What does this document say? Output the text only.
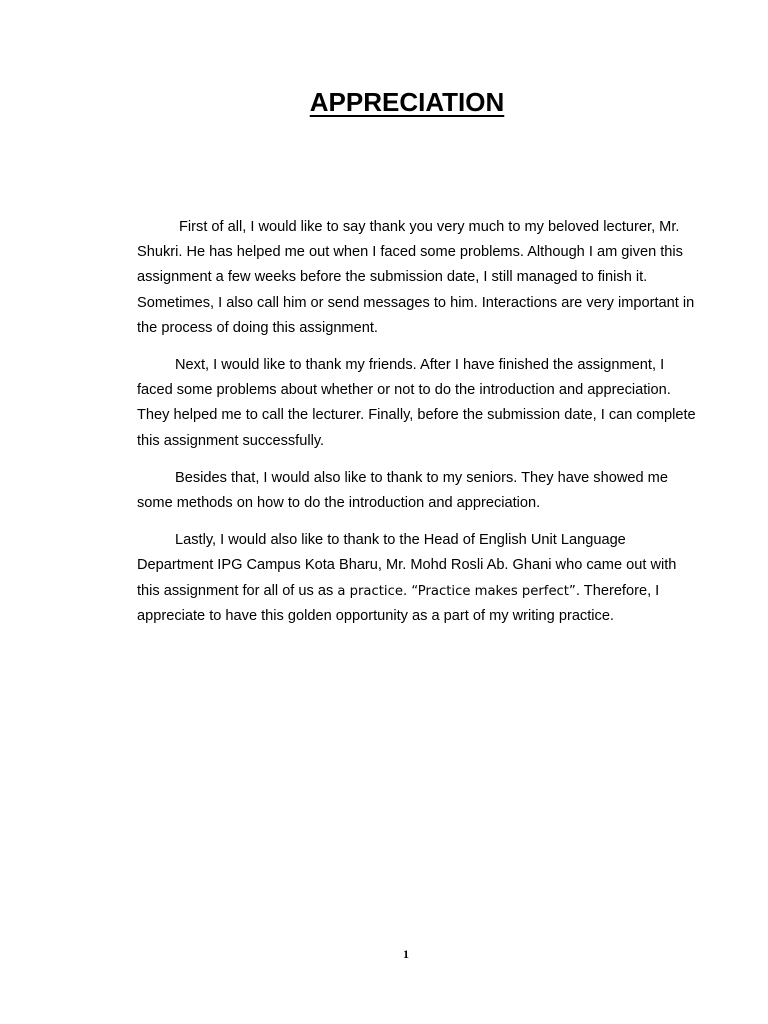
APPRECIATION

First of all, I would like to say thank you very much to my beloved lecturer, Mr. Shukri. He has helped me out when I faced some problems. Although I am given this assignment a few weeks before the submission date, I still managed to finish it. Sometimes, I also call him or send messages to him. Interactions are very important in the process of doing this assignment.

Next, I would like to thank my friends. After I have finished the assignment, I faced some problems about whether or not to do the introduction and appreciation. They helped me to call the lecturer. Finally, before the submission date, I can complete this assignment successfully.

Besides that, I would also like to thank to my seniors. They have showed me some methods on how to do the introduction and appreciation.

Lastly, I would also like to thank to the Head of English Unit Language Department IPG Campus Kota Bharu, Mr. Mohd Rosli Ab. Ghani who came out with this assignment for all of us as a practice. “Practice makes perfect”. Therefore, I appreciate to have this golden opportunity as a part of my writing practice.

1
